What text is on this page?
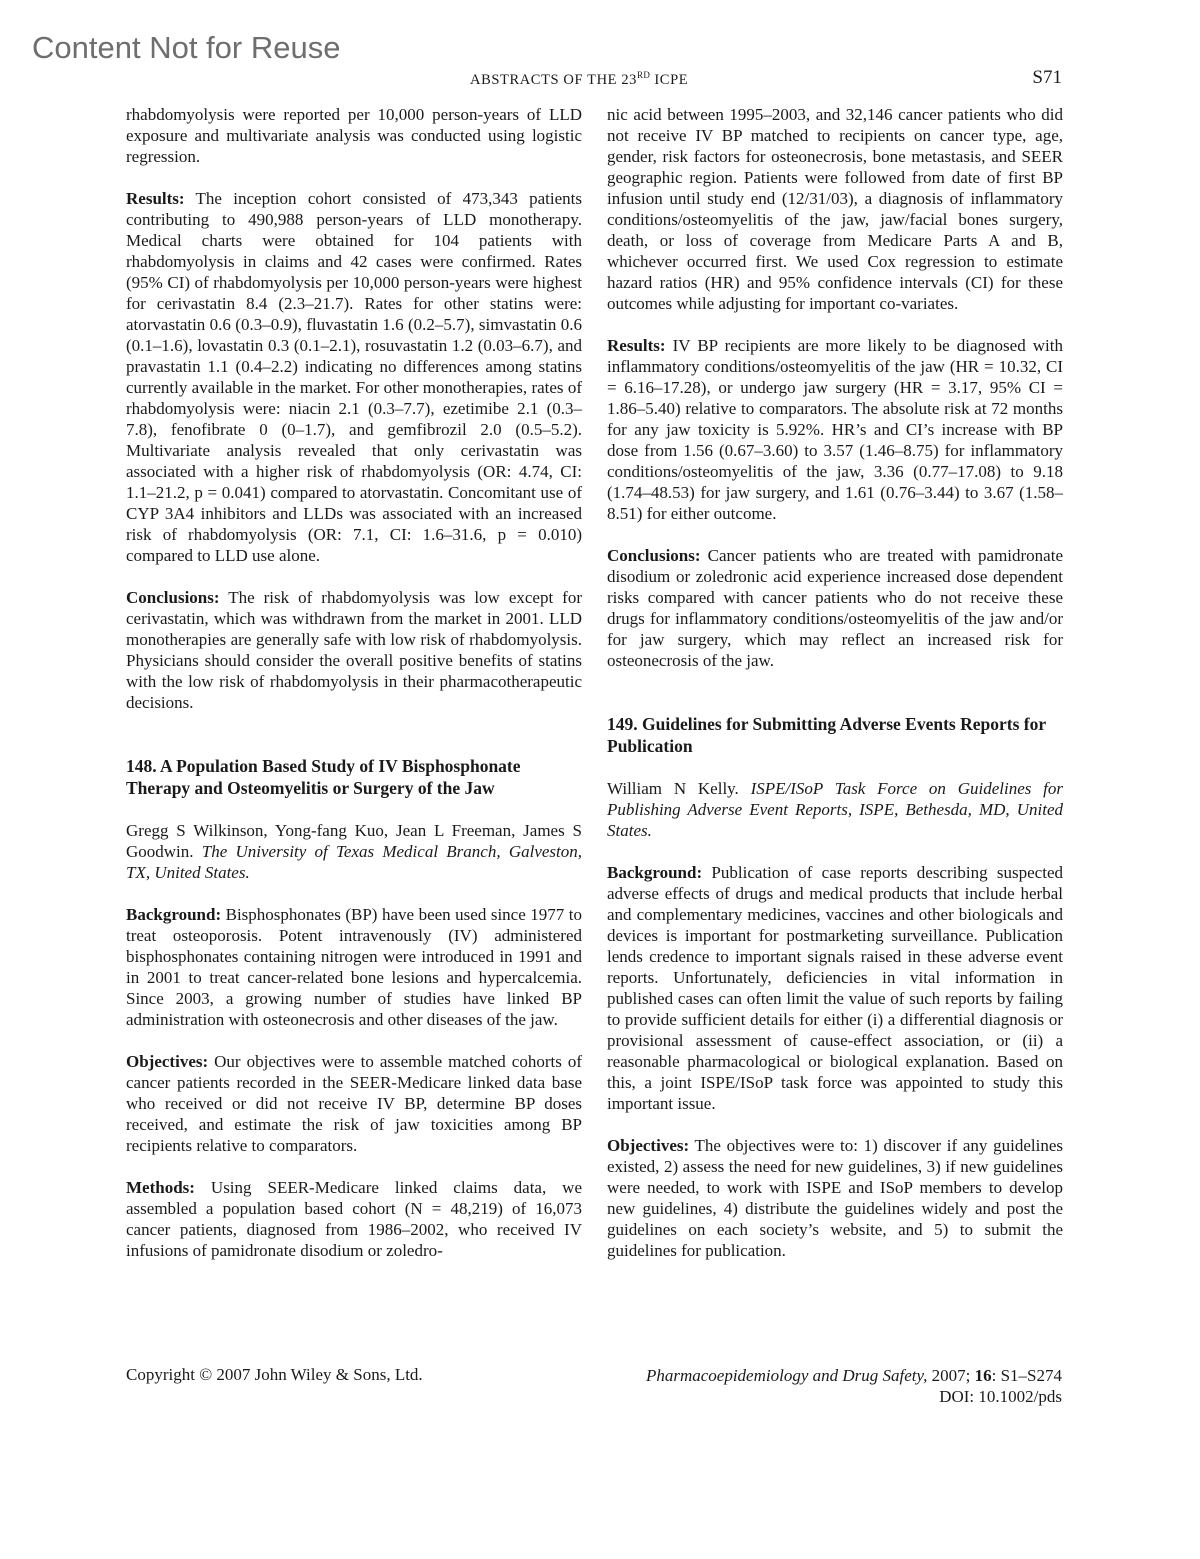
Content Not for Reuse
ABSTRACTS OF THE 23RD ICPE	S71

rhabdomyolysis were reported per 10,000 person-years of LLD exposure and multivariate analysis was conducted using logistic regression.

Results: The inception cohort consisted of 473,343 patients contributing to 490,988 person-years of LLD monotherapy. Medical charts were obtained for 104 patients with rhabdomyolysis in claims and 42 cases were confirmed. Rates (95% CI) of rhabdomyolysis per 10,000 person-years were highest for cerivastatin 8.4 (2.3–21.7). Rates for other statins were: atorvastatin 0.6 (0.3–0.9), fluvastatin 1.6 (0.2–5.7), simvastatin 0.6 (0.1–1.6), lovastatin 0.3 (0.1–2.1), rosuvastatin 1.2 (0.03–6.7), and pravastatin 1.1 (0.4–2.2) indicating no differences among statins currently available in the market. For other monotherapies, rates of rhabdomyolysis were: niacin 2.1 (0.3–7.7), ezetimibe 2.1 (0.3–7.8), fenofibrate 0 (0–1.7), and gemfibrozil 2.0 (0.5–5.2). Multivariate analysis revealed that only cerivastatin was associated with a higher risk of rhabdomyolysis (OR: 4.74, CI: 1.1–21.2, p = 0.041) compared to atorvastatin. Concomitant use of CYP 3A4 inhibitors and LLDs was associated with an increased risk of rhabdomyolysis (OR: 7.1, CI: 1.6–31.6, p = 0.010) compared to LLD use alone.

Conclusions: The risk of rhabdomyolysis was low except for cerivastatin, which was withdrawn from the market in 2001. LLD monotherapies are generally safe with low risk of rhabdomyolysis. Physicians should consider the overall positive benefits of statins with the low risk of rhabdomyolysis in their pharmacotherapeutic decisions.

148. A Population Based Study of IV Bisphosphonate Therapy and Osteomyelitis or Surgery of the Jaw

Gregg S Wilkinson, Yong-fang Kuo, Jean L Freeman, James S Goodwin. The University of Texas Medical Branch, Galveston, TX, United States.

Background: Bisphosphonates (BP) have been used since 1977 to treat osteoporosis. Potent intravenously (IV) administered bisphosphonates containing nitrogen were introduced in 1991 and in 2001 to treat cancer-related bone lesions and hypercalcemia. Since 2003, a growing number of studies have linked BP administration with osteonecrosis and other diseases of the jaw.

Objectives: Our objectives were to assemble matched cohorts of cancer patients recorded in the SEER-Medicare linked data base who received or did not receive IV BP, determine BP doses received, and estimate the risk of jaw toxicities among BP recipients relative to comparators.

Methods: Using SEER-Medicare linked claims data, we assembled a population based cohort (N = 48,219) of 16,073 cancer patients, diagnosed from 1986–2002, who received IV infusions of pamidronate disodium or zoledro-

nic acid between 1995–2003, and 32,146 cancer patients who did not receive IV BP matched to recipients on cancer type, age, gender, risk factors for osteonecrosis, bone metastasis, and SEER geographic region. Patients were followed from date of first BP infusion until study end (12/31/03), a diagnosis of inflammatory conditions/osteomyelitis of the jaw, jaw/facial bones surgery, death, or loss of coverage from Medicare Parts A and B, whichever occurred first. We used Cox regression to estimate hazard ratios (HR) and 95% confidence intervals (CI) for these outcomes while adjusting for important co-variates.

Results: IV BP recipients are more likely to be diagnosed with inflammatory conditions/osteomyelitis of the jaw (HR = 10.32, CI = 6.16–17.28), or undergo jaw surgery (HR = 3.17, 95% CI = 1.86–5.40) relative to comparators. The absolute risk at 72 months for any jaw toxicity is 5.92%. HR’s and CI’s increase with BP dose from 1.56 (0.67–3.60) to 3.57 (1.46–8.75) for inflammatory conditions/osteomyelitis of the jaw, 3.36 (0.77–17.08) to 9.18 (1.74–48.53) for jaw surgery, and 1.61 (0.76–3.44) to 3.67 (1.58–8.51) for either outcome.

Conclusions: Cancer patients who are treated with pamidronate disodium or zoledronic acid experience increased dose dependent risks compared with cancer patients who do not receive these drugs for inflammatory conditions/osteomyelitis of the jaw and/or for jaw surgery, which may reflect an increased risk for osteonecrosis of the jaw.

149. Guidelines for Submitting Adverse Events Reports for Publication

William N Kelly. ISPE/ISoP Task Force on Guidelines for Publishing Adverse Event Reports, ISPE, Bethesda, MD, United States.

Background: Publication of case reports describing suspected adverse effects of drugs and medical products that include herbal and complementary medicines, vaccines and other biologicals and devices is important for postmarketing surveillance. Publication lends credence to important signals raised in these adverse event reports. Unfortunately, deficiencies in vital information in published cases can often limit the value of such reports by failing to provide sufficient details for either (i) a differential diagnosis or provisional assessment of cause-effect association, or (ii) a reasonable pharmacological or biological explanation. Based on this, a joint ISPE/ISoP task force was appointed to study this important issue.

Objectives: The objectives were to: 1) discover if any guidelines existed, 2) assess the need for new guidelines, 3) if new guidelines were needed, to work with ISPE and ISoP members to develop new guidelines, 4) distribute the guidelines widely and post the guidelines on each society’s website, and 5) to submit the guidelines for publication.

Copyright © 2007 John Wiley & Sons, Ltd.	Pharmacoepidemiology and Drug Safety, 2007; 16: S1–S274
DOI: 10.1002/pds
